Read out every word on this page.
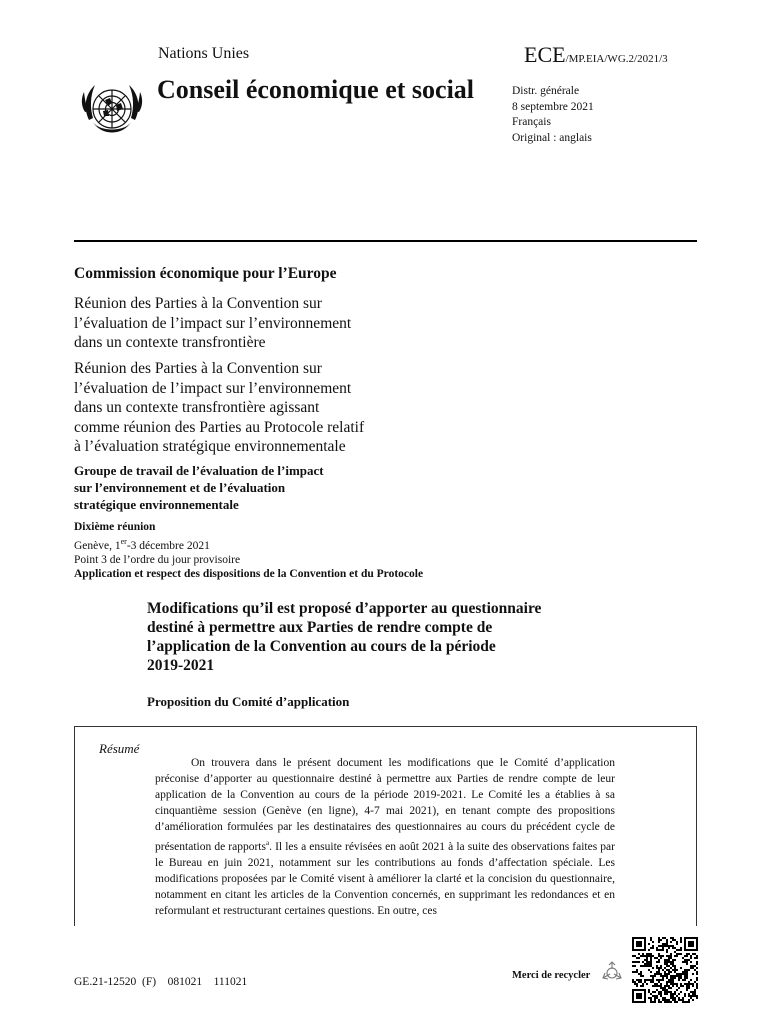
Nations Unies	ECE/MP.EIA/WG.2/2021/3
Conseil économique et social	Distr. générale
8 septembre 2021
Français
Original : anglais
Commission économique pour l’Europe
Réunion des Parties à la Convention sur
l’évaluation de l’impact sur l’environnement
dans un contexte transfrontière
Réunion des Parties à la Convention sur
l’évaluation de l’impact sur l’environnement
dans un contexte transfrontière agissant
comme réunion des Parties au Protocole relatif
à l’évaluation stratégique environnementale
Groupe de travail de l’évaluation de l’impact
sur l’environnement et de l’évaluation
stratégique environnementale
Dixième réunion
Genève, 1er-3 décembre 2021
Point 3 de l’ordre du jour provisoire
Application et respect des dispositions de la Convention et du Protocole
Modifications qu’il est proposé d’apporter au questionnaire
destiné à permettre aux Parties de rendre compte de
l’application de la Convention au cours de la période
2019-2021
Proposition du Comité d’application
Résumé

On trouvera dans le présent document les modifications que le Comité d’application préconise d’apporter au questionnaire destiné à permettre aux Parties de rendre compte de leur application de la Convention au cours de la période 2019-2021. Le Comité les a établies à sa cinquantième session (Genève (en ligne), 4-7 mai 2021), en tenant compte des propositions d’amélioration formulées par les destinataires des questionnaires au cours du précédent cycle de présentation de rapports$^a$. Il les a ensuite révisées en août 2021 à la suite des observations faites par le Bureau en juin 2021, notamment sur les contributions au fonds d’affectation spéciale. Les modifications proposées par le Comité visent à améliorer la clarté et la concision du questionnaire, notamment en citant les articles de la Convention concernés, en supprimant les redondances et en reformulant et restructurant certaines questions. En outre, ces

GE.21-12520  (F)    081021    111021
Merci de recycler
